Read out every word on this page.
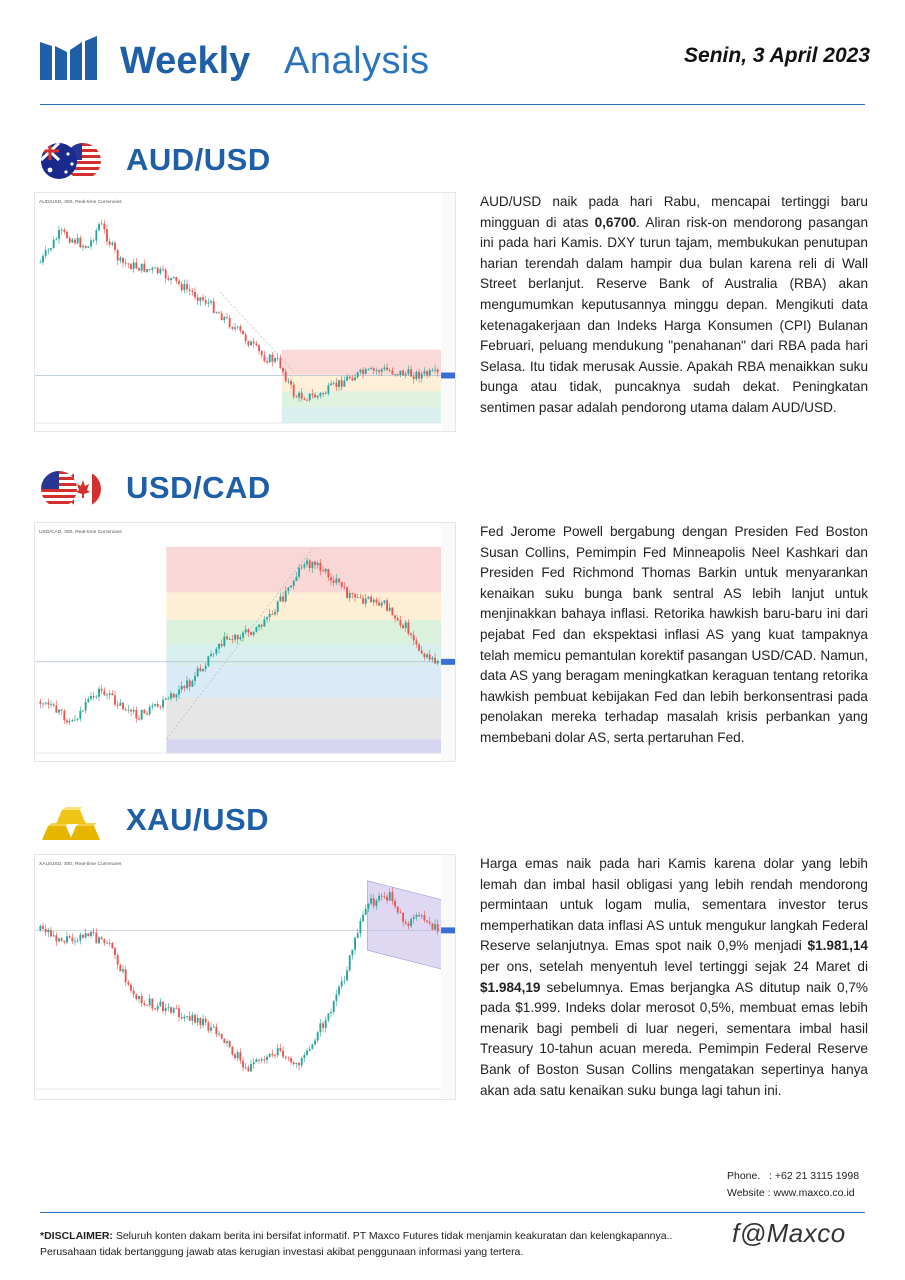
Weekly Analysis	Senin, 3 April 2023
AUD/USD
AUD/USD, 300, Real-time Currencies	AUD/USD naik pada hari Rabu, mencapai tertinggi baru mingguan di atas 0,6700. Aliran risk-on mendorong pasangan ini pada hari Kamis. DXY turun tajam, membukukan penutupan harian terendah dalam hampir dua bulan karena reli di Wall Street berlanjut. Reserve Bank of Australia (RBA) akan mengumumkan keputusannya minggu depan. Mengikuti data ketenagakerjaan dan Indeks Harga Konsumen (CPI) Bulanan Februari, peluang mendukung "penahanan" dari RBA pada hari Selasa. Itu tidak merusak Aussie. Apakah RBA menaikkan suku bunga atau tidak, puncaknya sudah dekat. Peningkatan sentimen pasar adalah pendorong utama dalam AUD/USD.
USD/CAD
USD/CAD, 300, Real-time Currencies	Fed Jerome Powell bergabung dengan Presiden Fed Boston Susan Collins, Pemimpin Fed Minneapolis Neel Kashkari dan Presiden Fed Richmond Thomas Barkin untuk menyarankan kenaikan suku bunga bank sentral AS lebih lanjut untuk menjinakkan bahaya inflasi. Retorika hawkish baru-baru ini dari pejabat Fed dan ekspektasi inflasi AS yang kuat tampaknya telah memicu pemantulan korektif pasangan USD/CAD. Namun, data AS yang beragam meningkatkan keraguan tentang retorika hawkish pembuat kebijakan Fed dan lebih berkonsentrasi pada penolakan mereka terhadap masalah krisis perbankan yang membebani dolar AS, serta pertaruhan Fed.
XAU/USD
XAU/USD, 300, Real-time Currencies	Harga emas naik pada hari Kamis karena dolar yang lebih lemah dan imbal hasil obligasi yang lebih rendah mendorong permintaan untuk logam mulia, sementara investor terus memperhatikan data inflasi AS untuk mengukur langkah Federal Reserve selanjutnya. Emas spot naik 0,9% menjadi $1.981,14 per ons, setelah menyentuh level tertinggi sejak 24 Maret di $1.984,19 sebelumnya. Emas berjangka AS ditutup naik 0,7% pada $1.999. Indeks dolar merosot 0,5%, membuat emas lebih menarik bagi pembeli di luar negeri, sementara imbal hasil Treasury 10-tahun acuan mereda. Pemimpin Federal Reserve Bank of Boston Susan Collins mengatakan sepertinya hanya akan ada satu kenaikan suku bunga lagi tahun ini.
Phone. : +62 21 3115 1998
Website : www.maxco.co.id
*DISCLAIMER: Seluruh konten dakam berita ini bersifat informatif. PT Maxco Futures tidak menjamin keakuratan dan kelengkapannya.. Perusahaan tidak bertanggung jawab atas kerugian investasi akibat penggunaan informasi yang tertera.
f@Maxco
